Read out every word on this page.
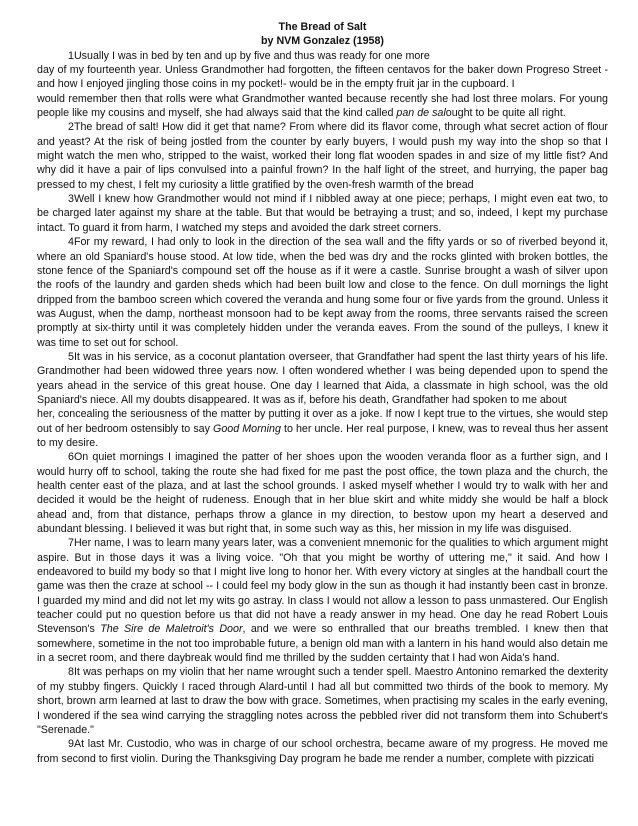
The Bread of Salt
by NVM Gonzalez (1958)

1Usually I was in bed by ten and up by five and thus was ready for one more

day of my fourteenth year. Unless Grandmother had forgotten, the fifteen centavos for the baker down Progreso Street - and how I enjoyed jingling those coins in my pocket!- would be in the empty fruit jar in the cupboard. I

would remember then that rolls were what Grandmother wanted because recently she had lost three molars. For young people like my cousins and myself, she had always said that the kind called pan de salought to be quite all right.

2The bread of salt! How did it get that name? From where did its flavor come, through what secret action of flour and yeast? At the risk of being jostled from the counter by early buyers, I would push my way into the shop so that I might watch the men who, stripped to the waist, worked their long flat wooden spades in and size of my little fist? And why did it have a pair of lips convulsed into a painful frown? In the half light of the street, and hurrying, the paper bag pressed to my chest, I felt my curiosity a little gratified by the oven-fresh warmth of the bread

3Well I knew how Grandmother would not mind if I nibbled away at one piece; perhaps, I might even eat two, to be charged later against my share at the table. But that would be betraying a trust; and so, indeed, I kept my purchase intact. To guard it from harm, I watched my steps and avoided the dark street corners.

4For my reward, I had only to look in the direction of the sea wall and the fifty yards or so of riverbed beyond it, where an old Spaniard's house stood. At low tide, when the bed was dry and the rocks glinted with broken bottles, the stone fence of the Spaniard's compound set off the house as if it were a castle. Sunrise brought a wash of silver upon the roofs of the laundry and garden sheds which had been built low and close to the fence. On dull mornings the light dripped from the bamboo screen which covered the veranda and hung some four or five yards from the ground. Unless it was August, when the damp, northeast monsoon had to be kept away from the rooms, three servants raised the screen promptly at six-thirty until it was completely hidden under the veranda eaves. From the sound of the pulleys, I knew it was time to set out for school.

5It was in his service, as a coconut plantation overseer, that Grandfather had spent the last thirty years of his life. Grandmother had been widowed three years now. I often wondered whether I was being depended upon to spend the years ahead in the service of this great house. One day I learned that Aida, a classmate in high school, was the old Spaniard's niece. All my doubts disappeared. It was as if, before his death, Grandfather had spoken to me about

her, concealing the seriousness of the matter by putting it over as a joke. If now I kept true to the virtues, she would step out of her bedroom ostensibly to say Good Morning to her uncle. Her real purpose, I knew, was to reveal thus her assent to my desire.

6On quiet mornings I imagined the patter of her shoes upon the wooden veranda floor as a further sign, and I would hurry off to school, taking the route she had fixed for me past the post office, the town plaza and the church, the health center east of the plaza, and at last the school grounds. I asked myself whether I would try to walk with her and decided it would be the height of rudeness. Enough that in her blue skirt and white middy she would be half a block ahead and, from that distance, perhaps throw a glance in my direction, to bestow upon my heart a deserved and abundant blessing. I believed it was but right that, in some such way as this, her mission in my life was disguised.

7Her name, I was to learn many years later, was a convenient mnemonic for the qualities to which argument might aspire. But in those days it was a living voice. "Oh that you might be worthy of uttering me," it said. And how I endeavored to build my body so that I might live long to honor her. With every victory at singles at the handball court the game was then the craze at school -- I could feel my body glow in the sun as though it had instantly been cast in bronze. I guarded my mind and did not let my wits go astray. In class I would not allow a lesson to pass unmastered. Our English teacher could put no question before us that did not have a ready answer in my head. One day he read Robert Louis Stevenson's The Sire de Maletroit's Door, and we were so enthralled that our breaths trembled. I knew then that somewhere, sometime in the not too improbable future, a benign old man with a lantern in his hand would also detain me in a secret room, and there daybreak would find me thrilled by the sudden certainty that I had won Aida's hand.

8It was perhaps on my violin that her name wrought such a tender spell. Maestro Antonino remarked the dexterity of my stubby fingers. Quickly I raced through Alard-until I had all but committed two thirds of the book to memory. My short, brown arm learned at last to draw the bow with grace. Sometimes, when practising my scales in the early evening, I wondered if the sea wind carrying the straggling notes across the pebbled river did not transform them into Schubert's "Serenade."

9At last Mr. Custodio, who was in charge of our school orchestra, became aware of my progress. He moved me from second to first violin. During the Thanksgiving Day program he bade me render a number, complete with pizzicati
